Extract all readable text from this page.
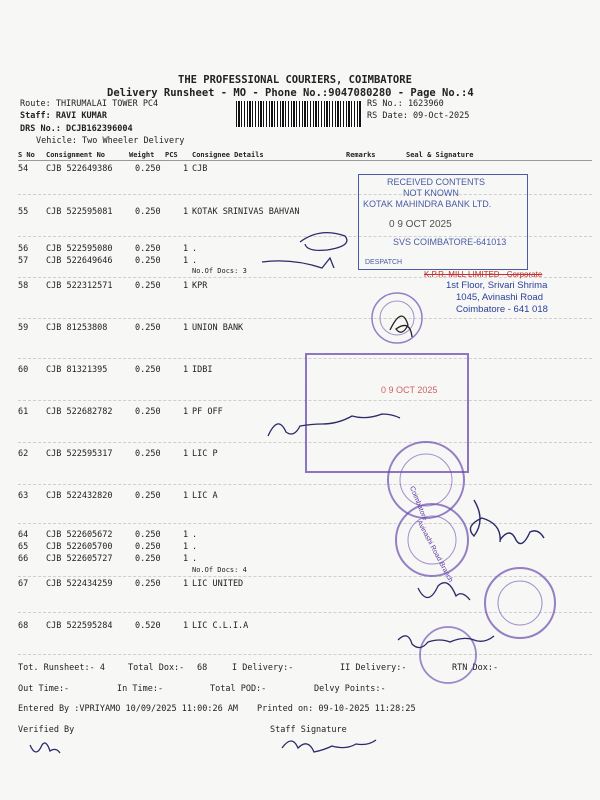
THE PROFESSIONAL COURIERS, COIMBATORE
Delivery Runsheet - MO - Phone No.:9047080280 - Page No.:4
Route: THIRUMALAI TOWER PC4
Staff: RAVI KUMAR
DRS No.: DCJB162396004
Vehicle: Two Wheeler Delivery
RS No.: 1623960
RS Date: 09-Oct-2025
S No Consignment No	Weight PCS Consignee Details	Remarks	Seal & Signature
54 CJB 522649386	0.250	1 CJB
55 CJB 522595081	0.250	1 KOTAK SRINIVAS BAHVAN
56 CJB 522595080	0.250	1 .
57 CJB 522649646	0.250	1 .
No.Of Docs: 3
58 CJB 522312571	0.250	1 KPR
59 CJB 81253808	0.250	1 UNION BANK
60 CJB 81321395	0.250	1 IDBI
61 CJB 522682782	0.250	1 PF OFF
62 CJB 522595317	0.250	1 LIC P
63 CJB 522432820	0.250	1 LIC A
64 CJB 522605672	0.250	1 .
65 CJB 522605700	0.250	1 .
66 CJB 522605727	0.250	1 .
No.Of Docs: 4
67 CJB 522434259	0.250	1 LIC UNITED
68 CJB 522595284	0.520	1 LIC C.L.I.A
Tot. Runsheet:- 4	Total Dox:- 68	I Delivery:-	II Delivery:-	RTN Dox:-
Out Time:-	In Time:-	Total POD:-	Delvy Points:-
Entered By :VPRIYAMO 10/09/2025 11:00:26 AM Printed on: 09-10-2025 11:28:25
Verified By	Staff Signature
RECEIVED CONTENTS
NOT KNOWN
KOTAK MAHINDRA BANK LTD.
0 9 OCT 2025
SVS COIMBATORE-641013
DESPATCH
K.P.R. MILL LIMITED - Corporate
1st Floor, Srivari Shrima
1045, Avinashi Road
Coimbatore - 641 018
0 9 OCT 2025
Coimbatore
Avinashi Road Branch
